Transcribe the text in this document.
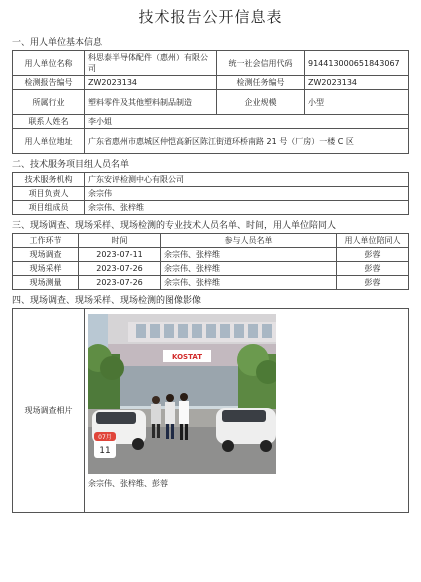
技术报告公开信息表
一、用人单位基本信息
用人单位名称	科思泰半导体配件（惠州）有限公司	统一社会信用代码	914413000651843067
检测报告编号	ZW2023134	检测任务编号	ZW2023134
所属行业	塑料零件及其他塑料制品制造	企业规模	小型
联系人姓名	李小姐		
用人单位地址	广东省惠州市惠城区仲恺高新区陈江街道环桥南路 21 号（厂房）一楼 C 区		
二、技术服务项目组人员名单
技术服务机构	广东安评检测中心有限公司
项目负责人	余宗伟
项目组成员	余宗伟、张梓维
三、现场调查、现场采样、现场检测的专业技术人员名单、时间，用人单位陪同人
工作环节	时间	参与人员名单	用人单位陪同人
现场调查	2023-07-11	余宗伟、张梓维	彭蓉
现场采样	2023-07-26	余宗伟、张梓维	彭蓉
现场测量	2023-07-26	余宗伟、张梓维	彭蓉
四、现场调查、现场采样、现场检测的图像影像
现场调查相片	
KOSTAT
07月
11
余宗伟、张梓维、彭蓉
